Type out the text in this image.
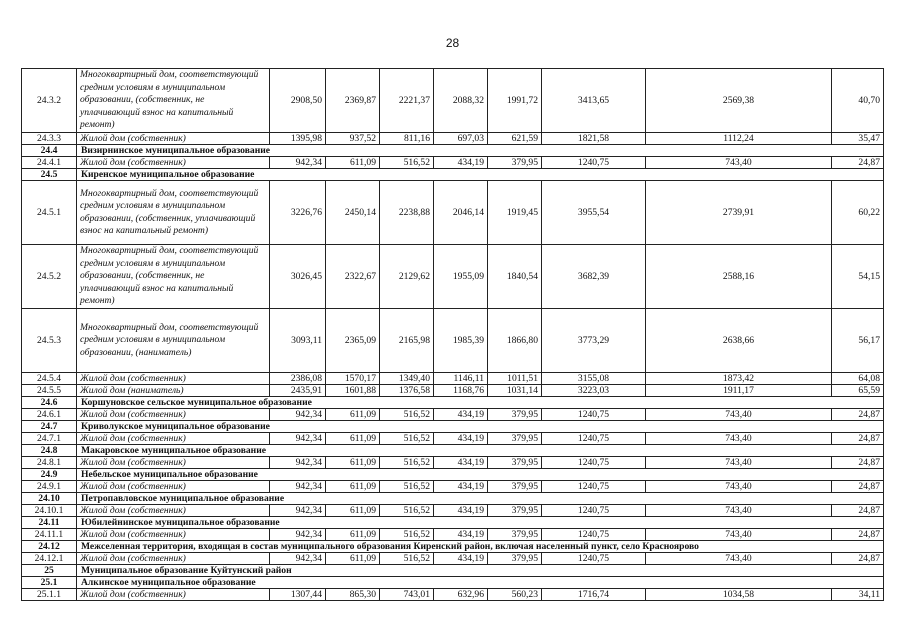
28
24.3.2	Многоквартирный дом, соответствующий средним условиям в муниципальном образовании, (собственник, не уплачивающий взнос на капитальный ремонт)	2908,50	2369,87	2221,37	2088,32	1991,72	3413,65	2569,38	40,70
24.3.3	Жилой дом (собственник)	1395,98	937,52	811,16	697,03	621,59	1821,58	1112,24	35,47
24.4	Визирнинское муниципальное образование								
24.4.1	Жилой дом (собственник)	942,34	611,09	516,52	434,19	379,95	1240,75	743,40	24,87
24.5	Киренское муниципальное образование								
24.5.1	Многоквартирный дом, соответствующий средним условиям в муниципальном образовании, (собственник, уплачивающий взнос на капитальный ремонт)	3226,76	2450,14	2238,88	2046,14	1919,45	3955,54	2739,91	60,22
24.5.2	Многоквартирный дом, соответствующий средним условиям в муниципальном образовании, (собственник, не уплачивающий взнос на капитальный ремонт)	3026,45	2322,67	2129,62	1955,09	1840,54	3682,39	2588,16	54,15
24.5.3	Многоквартирный дом, соответствующий средним условиям в муниципальном образовании, (наниматель)	3093,11	2365,09	2165,98	1985,39	1866,80	3773,29	2638,66	56,17
24.5.4	Жилой дом (собственник)	2386,08	1570,17	1349,40	1146,11	1011,51	3155,08	1873,42	64,08
24.5.5	Жилой дом (наниматель)	2435,91	1601,88	1376,58	1168,76	1031,14	3223,03	1911,17	65,59
24.6	Коршуновское сельское муниципальное образование								
24.6.1	Жилой дом (собственник)	942,34	611,09	516,52	434,19	379,95	1240,75	743,40	24,87
24.7	Криволукское муниципальное образование								
24.7.1	Жилой дом (собственник)	942,34	611,09	516,52	434,19	379,95	1240,75	743,40	24,87
24.8	Макаровское муниципальное образование								
24.8.1	Жилой дом (собственник)	942,34	611,09	516,52	434,19	379,95	1240,75	743,40	24,87
24.9	Небельское муниципальное образование								
24.9.1	Жилой дом (собственник)	942,34	611,09	516,52	434,19	379,95	1240,75	743,40	24,87
24.10	Петропавловское муниципальное образование								
24.10.1	Жилой дом (собственник)	942,34	611,09	516,52	434,19	379,95	1240,75	743,40	24,87
24.11	Юбилейнинское муниципальное образование								
24.11.1	Жилой дом (собственник)	942,34	611,09	516,52	434,19	379,95	1240,75	743,40	24,87
24.12	Межселенная территория, входящая в состав муниципального образования Киренский район, включая населенный пункт, село Красноярово								
24.12.1	Жилой дом (собственник)	942,34	611,09	516,52	434,19	379,95	1240,75	743,40	24,87
25	Муниципальное образование Куйтунский район								
25.1	Алкинское муниципальное образование								
25.1.1	Жилой дом (собственник)	1307,44	865,30	743,01	632,96	560,23	1716,74	1034,58	34,11
